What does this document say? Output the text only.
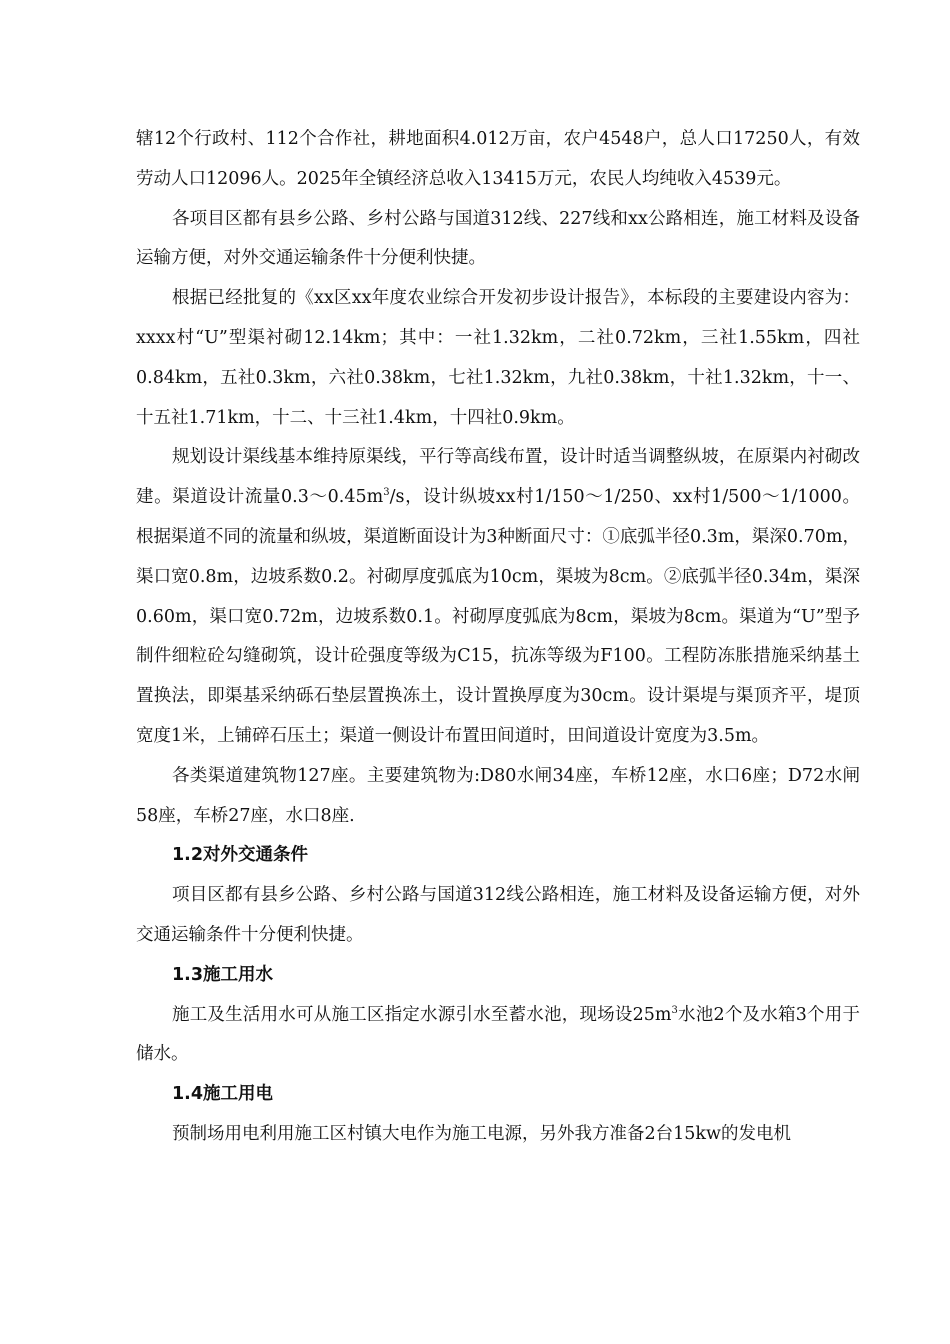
辖12个行政村、112个合作社，耕地面积4.012万亩，农户4548户，总人口17250人，有效劳动人口12096人。2025年全镇经济总收入13415万元，农民人均纯收入4539元。

各项目区都有县乡公路、乡村公路与国道312线、227线和xx公路相连，施工材料及设备运输方便，对外交通运输条件十分便利快捷。

根据已经批复的《xx区xx年度农业综合开发初步设计报告》，本标段的主要建设内容为：xxxx村“U”型渠衬砌12.14km；其中：一社1.32km，二社0.72km，三社1.55km，四社0.84km，五社0.3km，六社0.38km，七社1.32km，九社0.38km，十社1.32km，十一、十五社1.71km，十二、十三社1.4km，十四社0.9km。

规划设计渠线基本维持原渠线，平行等高线布置，设计时适当调整纵坡，在原渠内衬砌改建。渠道设计流量$0.3\sim 0.45m^3/s$，设计纵坡xx村1/150～1/250、xx村1/500～1/1000。根据渠道不同的流量和纵坡，渠道断面设计为3种断面尺寸：①底弧半径0.3m，渠深0.70m，渠口宽0.8m，边坡系数0.2。衬砌厚度弧底为10cm，渠坡为8cm。②底弧半径0.34m，渠深0.60m，渠口宽0.72m，边坡系数0.1。衬砌厚度弧底为8cm，渠坡为8cm。渠道为“U”型予制件细粒砼勾缝砌筑，设计砼强度等级为C15，抗冻等级为F100。工程防冻胀措施采纳基土置换法，即渠基采纳砾石垫层置换冻土，设计置换厚度为30cm。设计渠堤与渠顶齐平，堤顶宽度1米，上铺碎石压土；渠道一侧设计布置田间道时，田间道设计宽度为3.5m。

各类渠道建筑物127座。主要建筑物为:D80水闸34座，车桥12座，水口6座；D72水闸58座，车桥27座，水口8座.

1.2对外交通条件

项目区都有县乡公路、乡村公路与国道312线公路相连，施工材料及设备运输方便，对外交通运输条件十分便利快捷。

1.3施工用水

施工及生活用水可从施工区指定水源引水至蓄水池，现场设$25m^3$水池2个及水箱3个用于储水。

1.4施工用电

预制场用电利用施工区村镇大电作为施工电源，另外我方准备2台15kw的发电机
